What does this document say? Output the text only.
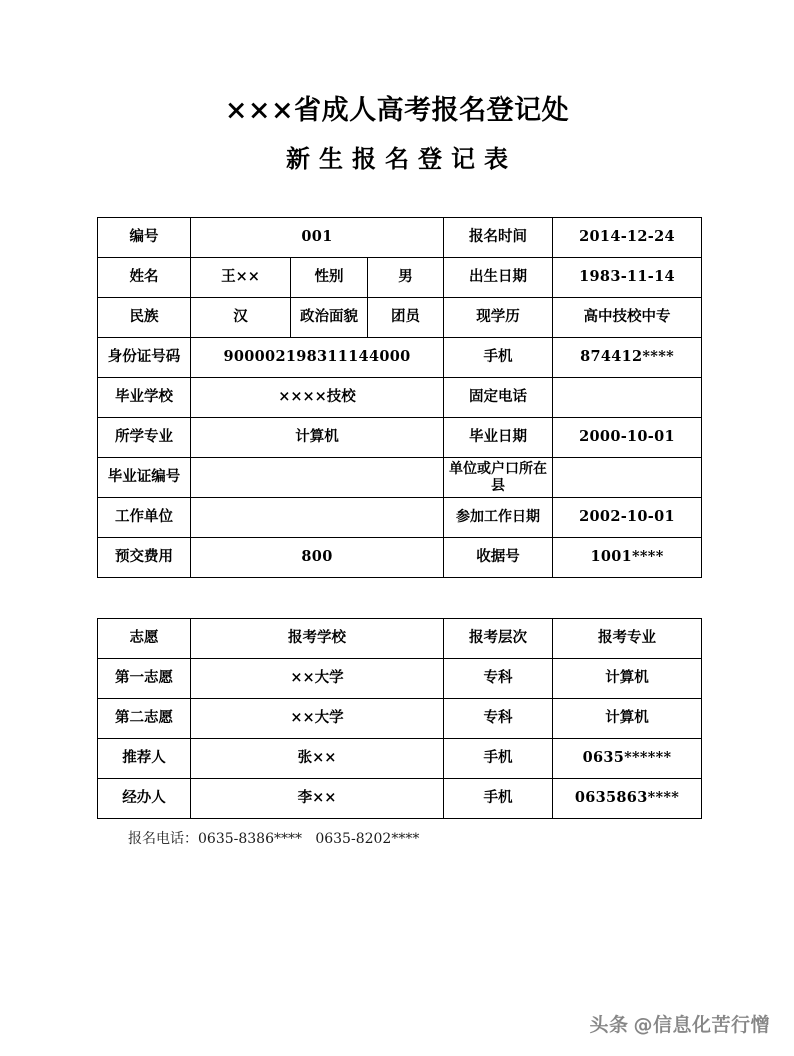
×××省成人高考报名登记处
新生报名登记表
编号	001			报名时间	2014-12-24
姓名	王××	性别	男	出生日期	1983-11-14
民族	汉	政治面貌	团员	现学历	高中技校中专
身份证号码	900002198311144000			手机	874412****
毕业学校	××××技校			固定电话	
所学专业	计算机			毕业日期	2000-10-01
毕业证编号				单位或户口所在县	
工作单位				参加工作日期	2002-10-01
预交费用	800			收据号	1001****
志愿	报考学校	报考层次	报考专业
第一志愿	××大学	专科	计算机
第二志愿	××大学	专科	计算机
推荐人	张××	手机	0635******
经办人	李××	手机	0635863****
报名电话：0635-8386****   0635-8202****
头条 @信息化苦行憎
